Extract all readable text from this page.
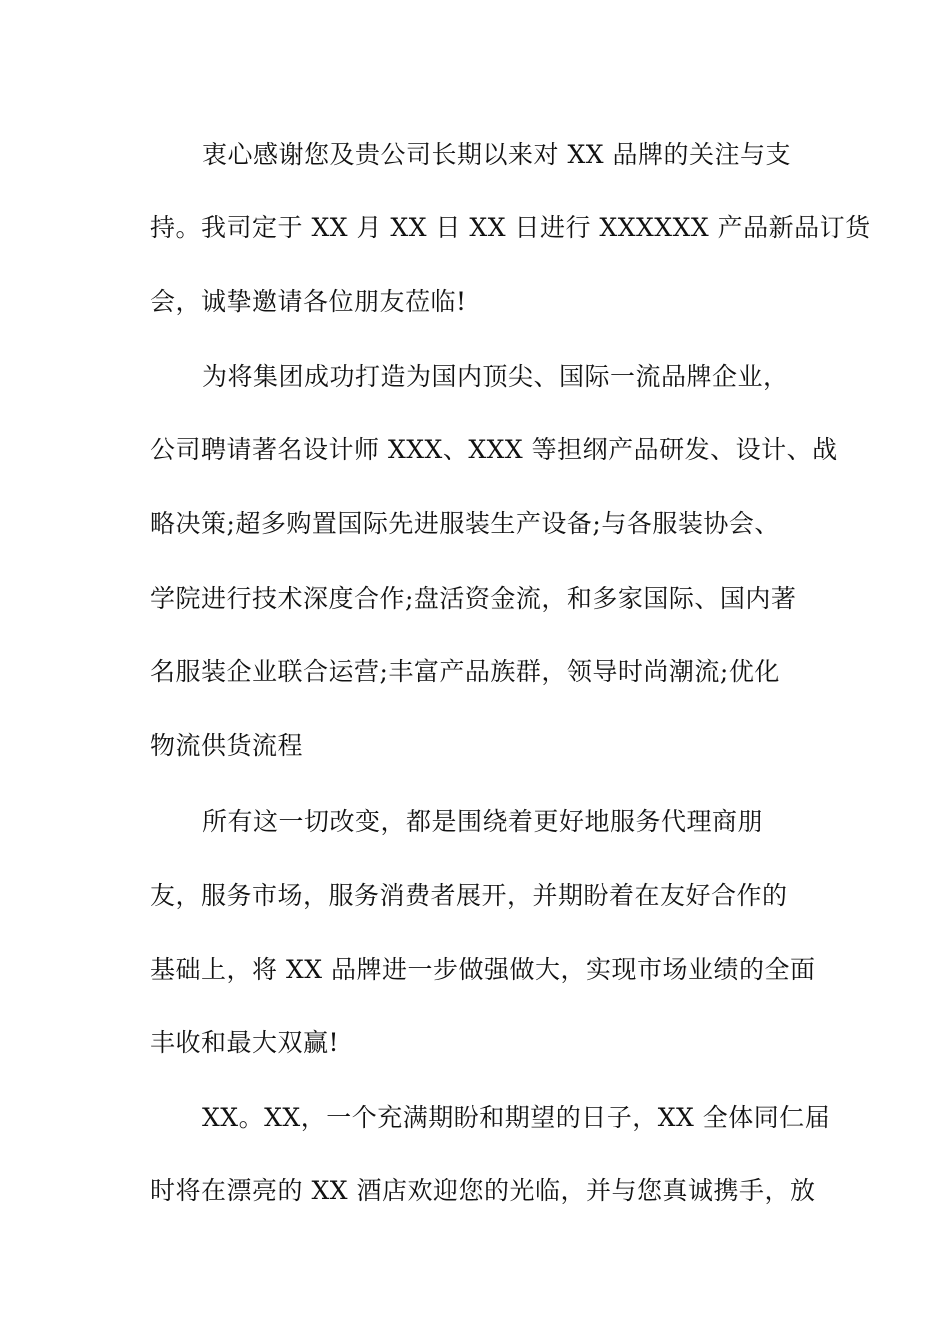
衷心感谢您及贵公司长期以来对 XX 品牌的关注与支
持。我司定于 XX 月 XX 日 XX 日进行 XXXXXX 产品新品订货
会，诚挚邀请各位朋友莅临!
为将集团成功打造为国内顶尖、国际一流品牌企业，
公司聘请著名设计师 XXX、XXX 等担纲产品研发、设计、战
略决策;超多购置国际先进服装生产设备;与各服装协会、
学院进行技术深度合作;盘活资金流，和多家国际、国内著
名服装企业联合运营;丰富产品族群，领导时尚潮流;优化
物流供货流程
所有这一切改变，都是围绕着更好地服务代理商朋
友，服务市场，服务消费者展开，并期盼着在友好合作的
基础上，将 XX 品牌进一步做强做大，实现市场业绩的全面
丰收和最大双赢!
XX。XX，一个充满期盼和期望的日子，XX 全体同仁届
时将在漂亮的 XX 酒店欢迎您的光临，并与您真诚携手，放
